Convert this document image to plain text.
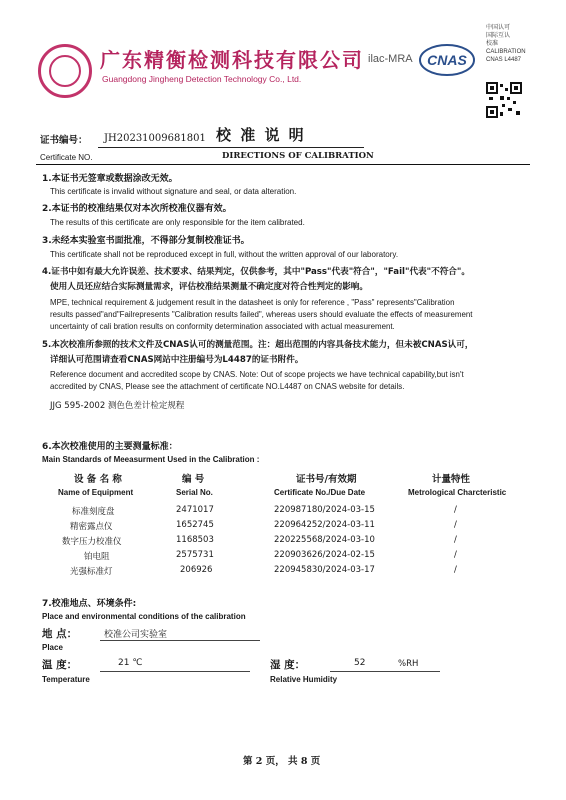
广东精衡检测科技有限公司
Guangdong Jingheng Detection Technology Co., Ltd.
ilac-MRA CNAS
中国认可
国际互认
校准
CALIBRATION
CNAS L4487
证书编号： JH20231009681801
Certificate NO.
校 准 说 明
DIRECTIONS OF CALIBRATION
1.本证书无签章或数据涂改无效。
This certificate is invalid without signature and seal, or data alteration.
2.本证书的校准结果仅对本次所校准仪器有效。
The results of this certificate are only responsible for the item calibrated.
3.未经本实验室书面批准，不得部分复制校准证书。
This certificate shall not be reproduced except in full, without the written approval of our laboratory.
4.证书中如有最大允许误差、技术要求、结果判定，仅供参考，其中"Pass"代表"符合"，"Fail"代表"不符合"。
使用人员还应结合实际测量需求，评估校准结果测量不确定度对符合性判定的影响。
MPE, technical requirement & judgement result in the datasheet is only for reference , "Pass" represents"Calibration
results passed"and"Failrepresents "Calibration results failed", whereas users should evaluate the effects of measurement
uncertainty of cali bration results on conformity determination associated with actual measurement.
5.本次校准所参照的技术文件及CNAS认可的测量范围。注：超出范围的内容具备技术能力，但未被CNAS认可，
详细认可范围请查看CNAS网站中注册编号为L4487的证书附件。
Reference document and accredited scope by CNAS. Note: Out of scope projects we have technical capability,but isn't
accredited by CNAS, Please see the attachment of certificate NO.L4487 on CNAS website for details.
JJG 595-2002 测色色差计检定规程
6.本次校准使用的主要测量标准：
Main Standards of Meeasurment Used in the Calibration :
设 备 名 称	编 号	证书号/有效期	计量特性
Name of Equipment	Serial No.	Certificate No./Due Date	Metrological Charcteristic
标准刻度盘	2471017	220987180/2024-03-15	/
精密露点仪	1652745	220964252/2024-03-11	/
数字压力校准仪	1168503	220225568/2024-03-10	/
铂电阻	2575731	220903626/2024-02-15	/
光强标准灯	206926	220945830/2024-03-17	/
7.校准地点、环境条件:
Place and environmental conditions of the calibration
地 点：	校准公司实验室
Place
温 度：	21 ℃
Temperature
湿 度：	52	%RH
Relative Humidity
第 2 页， 共 8 页
